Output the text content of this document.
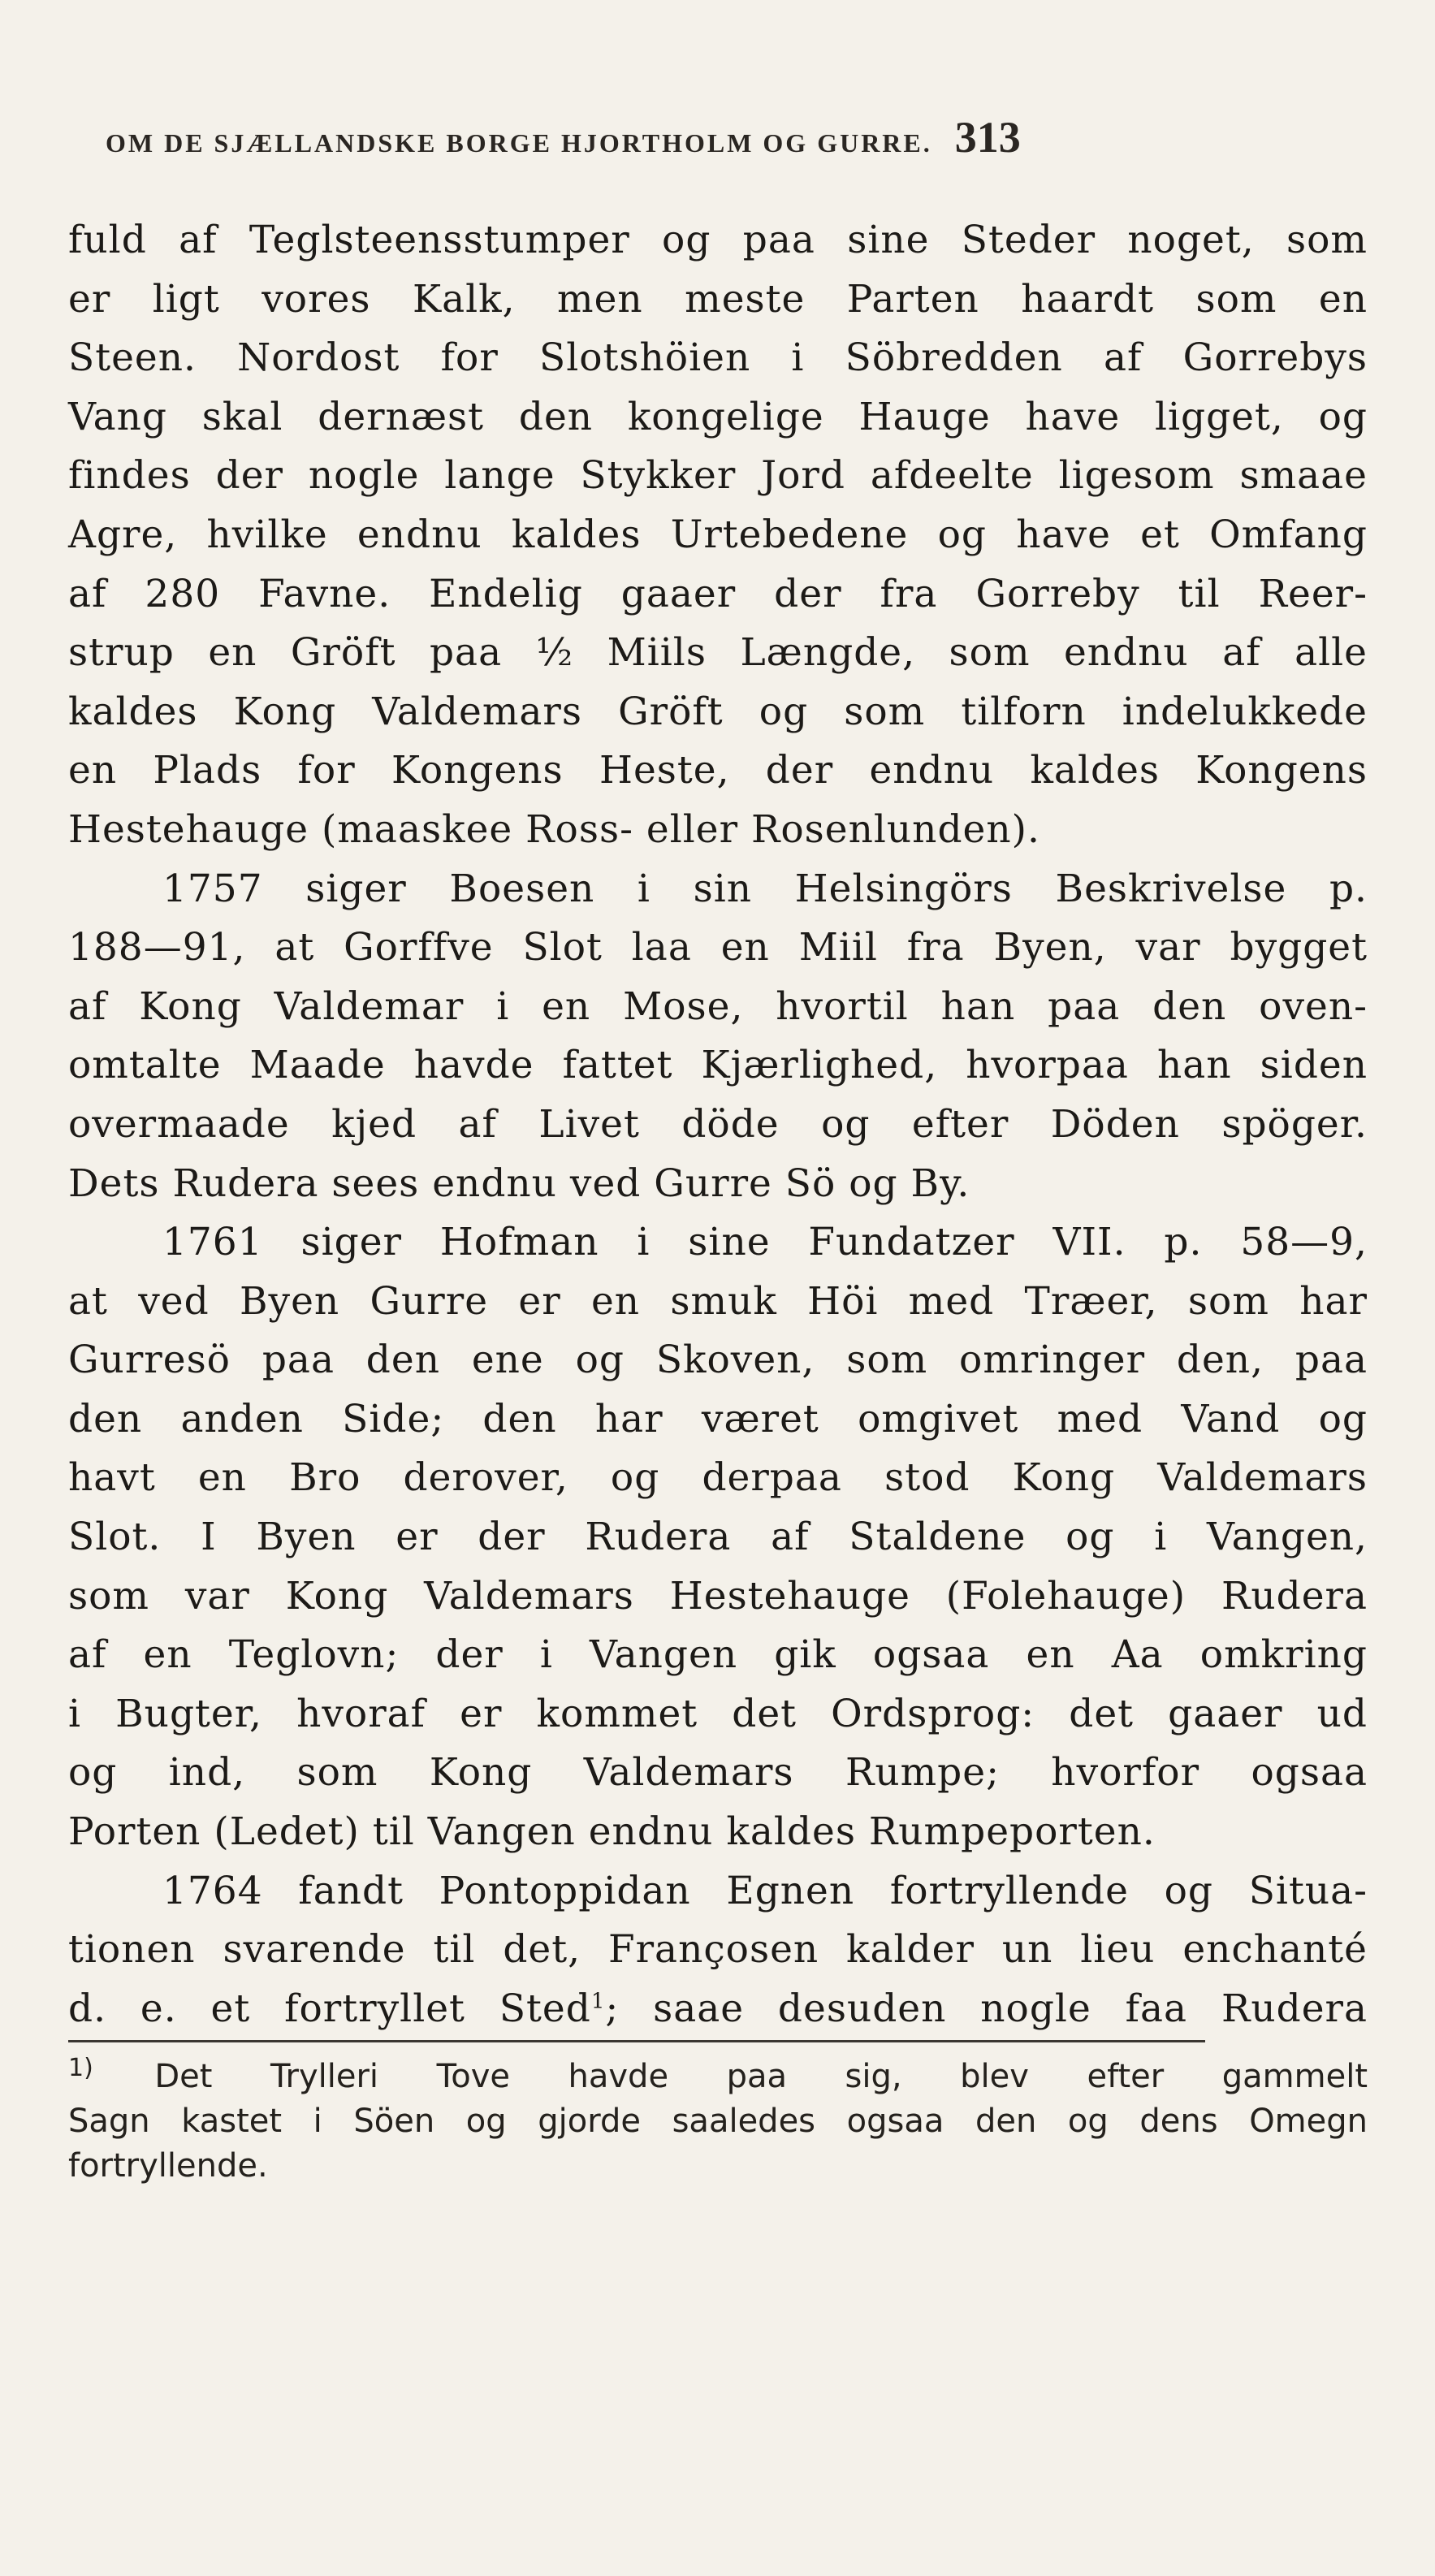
OM DE SJÆLLANDSKE BORGE HJORTHOLM OG GURRE. 313
fuld af Teglsteensstumper og paa sine Steder noget, som
er ligt vores Kalk, men meste Parten haardt som en
Steen. Nordost for Slotshöien i Söbredden af Gorrebys
Vang skal dernæst den kongelige Hauge have ligget, og
findes der nogle lange Stykker Jord afdeelte ligesom smaae
Agre, hvilke endnu kaldes Urtebedene og have et Omfang
af 280 Favne. Endelig gaaer der fra Gorreby til Reer-
strup en Gröft paa ½ Miils Længde, som endnu af alle
kaldes Kong Valdemars Gröft og som tilforn indelukkede
en Plads for Kongens Heste, der endnu kaldes Kongens
Hestehauge (maaskee Ross- eller Rosenlunden).
1757 siger Boesen i sin Helsingörs Beskrivelse p.
188—91, at Gorffve Slot laa en Miil fra Byen, var bygget
af Kong Valdemar i en Mose, hvortil han paa den oven-
omtalte Maade havde fattet Kjærlighed, hvorpaa han siden
overmaade kjed af Livet döde og efter Döden spöger.
Dets Rudera sees endnu ved Gurre Sö og By.
1761 siger Hofman i sine Fundatzer VII. p. 58—9,
at ved Byen Gurre er en smuk Höi med Træer, som har
Gurresö paa den ene og Skoven, som omringer den, paa
den anden Side; den har været omgivet med Vand og
havt en Bro derover, og derpaa stod Kong Valdemars
Slot. I Byen er der Rudera af Staldene og i Vangen,
som var Kong Valdemars Hestehauge (Folehauge) Rudera
af en Teglovn; der i Vangen gik ogsaa en Aa omkring
i Bugter, hvoraf er kommet det Ordsprog: det gaaer ud
og ind, som Kong Valdemars Rumpe; hvorfor ogsaa
Porten (Ledet) til Vangen endnu kaldes Rumpeporten.
1764 fandt Pontoppidan Egnen fortryllende og Situa-
tionen svarende til det, Françosen kalder un lieu enchanté
d. e. et fortryllet Sted$^1$; saae desuden nogle faa Rudera
$^{1)}$ Det Trylleri Tove havde paa sig, blev efter gammelt
Sagn kastet i Söen og gjorde saaledes ogsaa den og dens Omegn
fortryllende.
